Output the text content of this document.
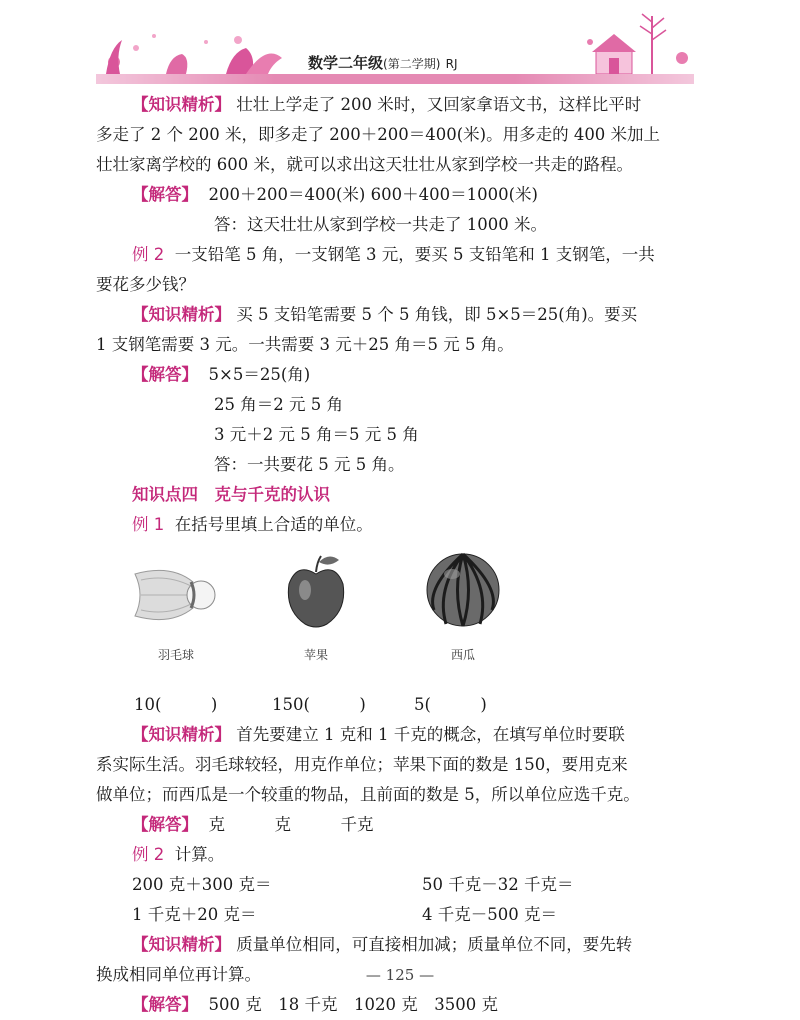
数学二年级(第二学期) RJ
【知识精析】 壮壮上学走了 200 米时，又回家拿语文书，这样比平时
多走了 2 个 200 米，即多走了 200＋200＝400(米)。用多走的 400 米加上
壮壮家离学校的 600 米，就可以求出这天壮壮从家到学校一共走的路程。
【解答】 200＋200＝400(米) 600＋400＝1000(米)
答：这天壮壮从家到学校一共走了 1000 米。
例 2 一支铅笔 5 角，一支钢笔 3 元，要买 5 支铅笔和 1 支钢笔，一共
要花多少钱？
【知识精析】 买 5 支铅笔需要 5 个 5 角钱，即 5×5＝25(角)。要买
1 支钢笔需要 3 元。一共需要 3 元＋25 角＝5 元 5 角。
【解答】 5×5＝25(角)
25 角＝2 元 5 角
3 元＋2 元 5 角＝5 元 5 角
答：一共要花 5 元 5 角。
知识点四　克与千克的认识
例 1 在括号里填上合适的单位。
羽毛球	苹果	西瓜
10(　　　)	150(　　　)	5(　　　)
【知识精析】 首先要建立 1 克和 1 千克的概念，在填写单位时要联
系实际生活。羽毛球较轻，用克作单位；苹果下面的数是 150，要用克来
做单位；而西瓜是一个较重的物品，且前面的数是 5，所以单位应选千克。
【解答】 克　　　克　　　千克
例 2 计算。
200 克＋300 克＝	50 千克－32 千克＝
1 千克＋20 克＝	4 千克－500 克＝
【知识精析】 质量单位相同，可直接相加减；质量单位不同，要先转
换成相同单位再计算。
【解答】 500 克　18 千克　1020 克　3500 克
— 125 —
